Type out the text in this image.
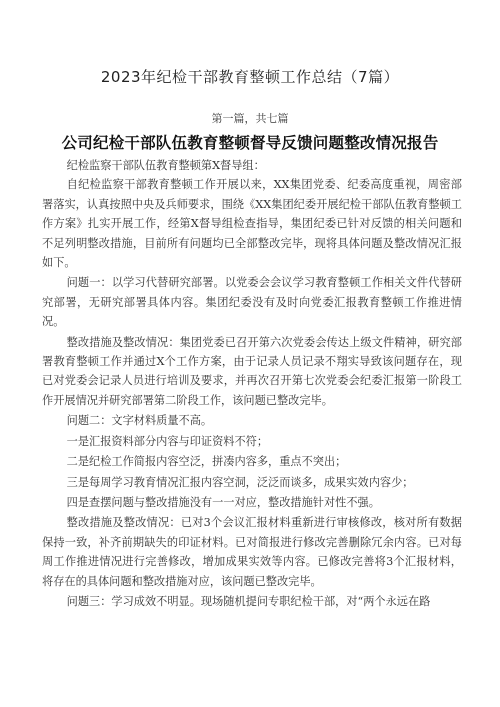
2023年纪检干部教育整顿工作总结（7篇）
第一篇，共七篇
公司纪检干部队伍教育整顿督导反馈问题整改情况报告

纪检监察干部队伍教育整顿第X督导组：

自纪检监察干部教育整顿工作开展以来，XX集团党委、纪委高度重视，周密部署落实，认真按照中央及兵师要求，围绕《XX集团纪委开展纪检干部队伍教育整顿工作方案》扎实开展工作，经第X督导组检查指导，集团纪委已针对反馈的相关问题和不足列明整改措施，目前所有问题均已全部整改完毕，现将具体问题及整改情况汇报如下。

问题一：以学习代替研究部署。以党委会会议学习教育整顿工作相关文件代替研究部署，无研究部署具体内容。集团纪委没有及时向党委汇报教育整顿工作推进情况。

整改措施及整改情况：集团党委已召开第六次党委会传达上级文件精神，研究部署教育整顿工作并通过X个工作方案，由于记录人员记录不翔实导致该问题存在，现已对党委会记录人员进行培训及要求，并再次召开第七次党委会纪委汇报第一阶段工作开展情况并研究部署第二阶段工作，该问题已整改完毕。

问题二：文字材料质量不高。

一是汇报资料部分内容与印证资料不符；

二是纪检工作简报内容空泛，拼凑内容多，重点不突出；

三是每周学习教育情况汇报内容空洞，泛泛而谈多，成果实效内容少；

四是查摆问题与整改措施没有一一对应，整改措施针对性不强。

整改措施及整改情况：已对3个会议汇报材料重新进行审核修改，核对所有数据保持一致，补齐前期缺失的印证材料。已对简报进行修改完善删除冗余内容。已对每周工作推进情况进行完善修改，增加成果实效等内容。已修改完善将3个汇报材料，将存在的具体问题和整改措施对应，该问题已整改完毕。

问题三：学习成效不明显。现场随机提问专职纪检干部，对“两个永远在路
